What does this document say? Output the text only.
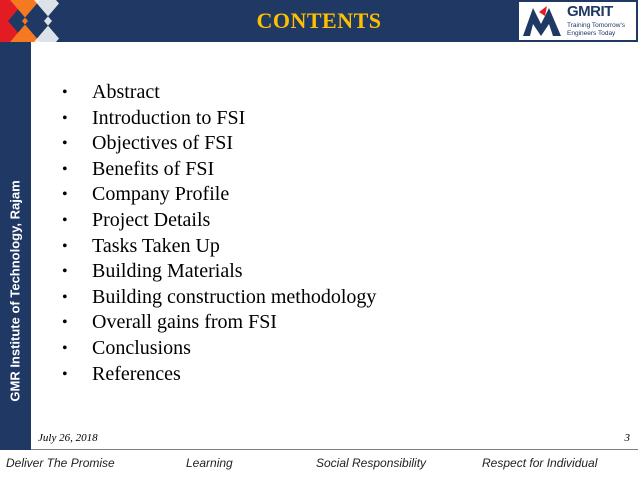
CONTENTS	GMRIT
Training Tomorrow's Engineers Today
GMR Institute of Technology, Rajam
• Abstract
• Introduction to FSI
• Objectives of FSI
• Benefits of FSI
• Company Profile
• Project Details
• Tasks Taken Up
• Building Materials
• Building construction methodology
• Overall gains from FSI
• Conclusions
• References
July 26, 2018	3
Deliver The Promise	Learning	Social Responsibility	Respect for Individual
